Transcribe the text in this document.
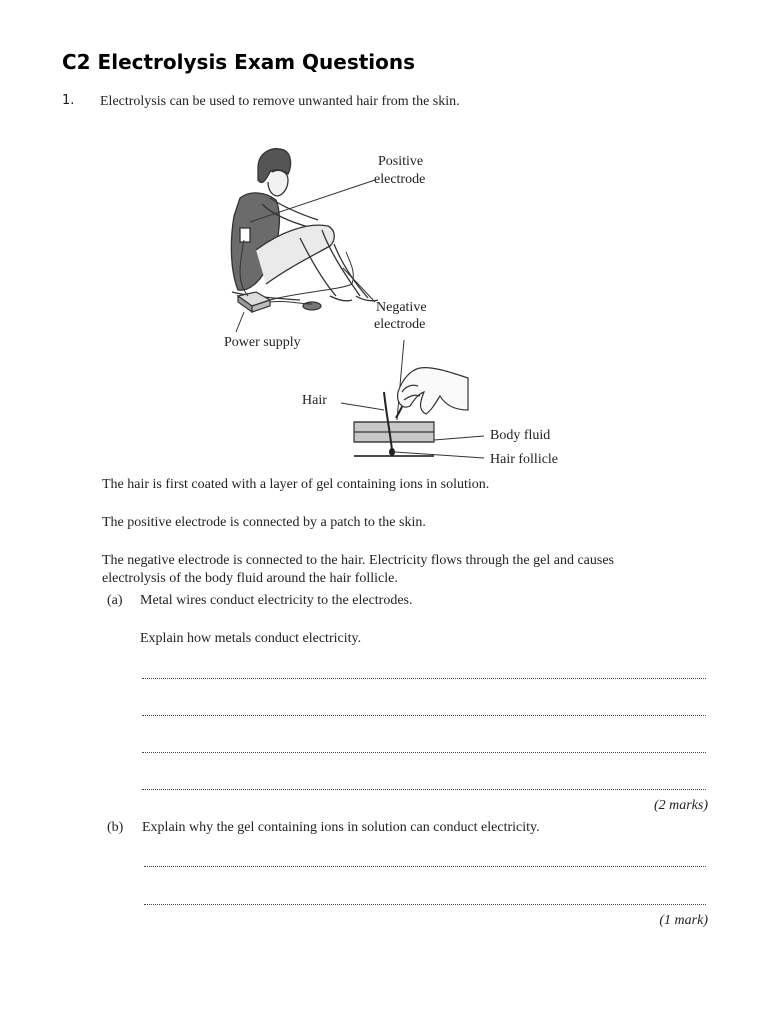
C2 Electrolysis Exam Questions
1. Electrolysis can be used to remove unwanted hair from the skin.
Positive
electrode
Negative
electrode
Power supply
Hair
Body fluid
Hair follicle
The hair is first coated with a layer of gel containing ions in solution.
The positive electrode is connected by a patch to the skin.
The negative electrode is connected to the hair. Electricity flows through the gel and causes
electrolysis of the body fluid around the hair follicle.
(a) Metal wires conduct electricity to the electrodes.
Explain how metals conduct electricity.
(2 marks)
(b) Explain why the gel containing ions in solution can conduct electricity.
(1 mark)
